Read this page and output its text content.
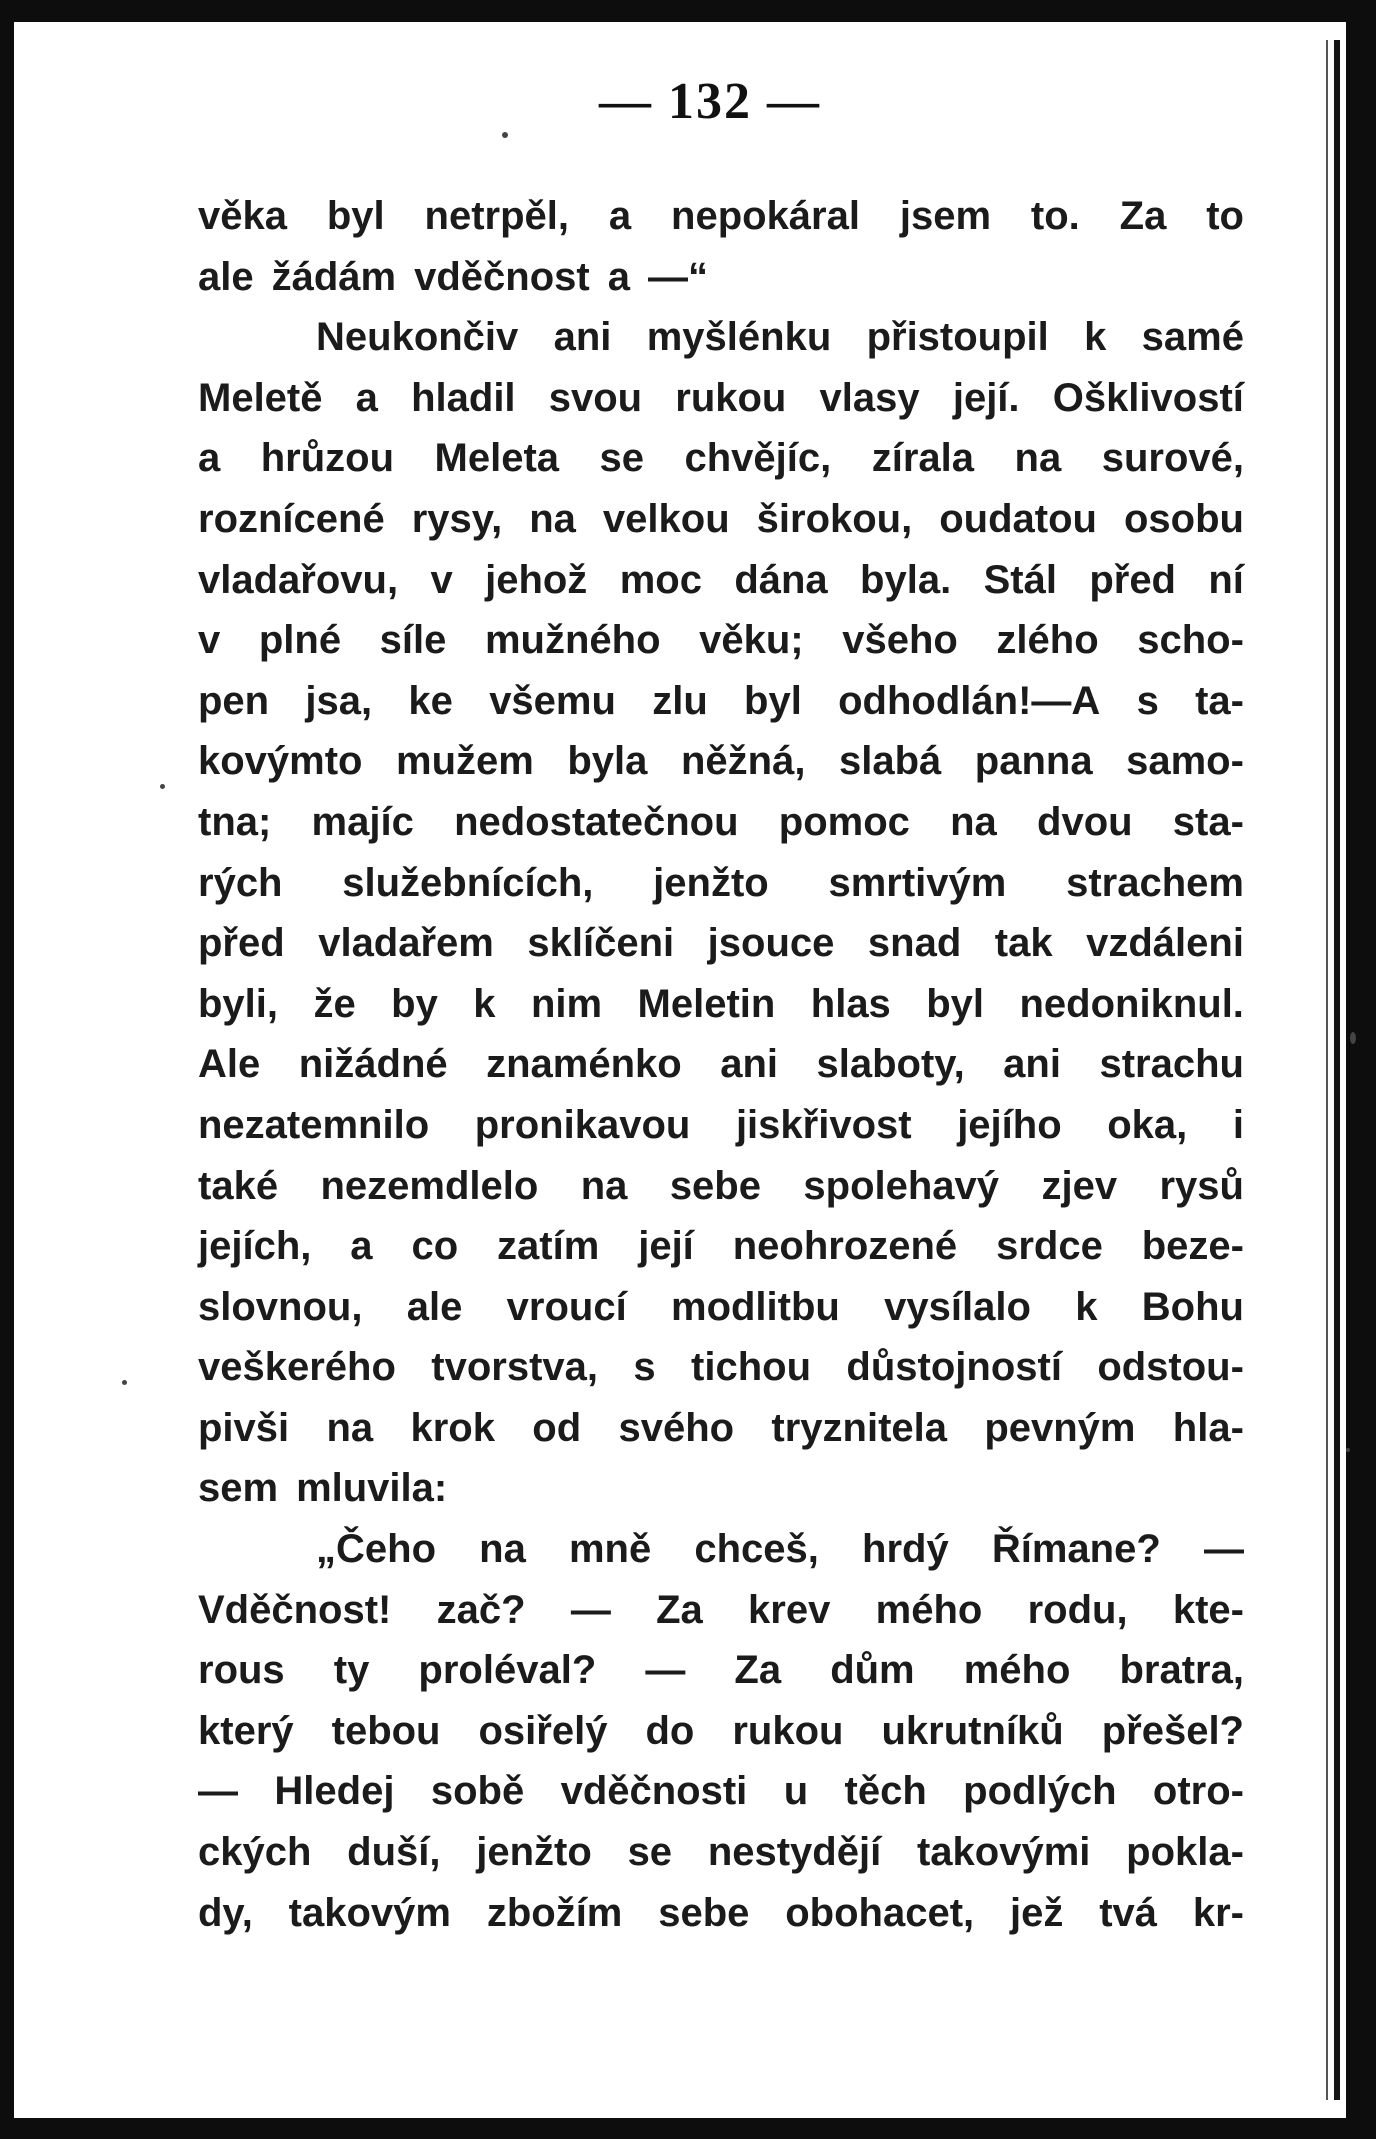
— 132 —
věka byl netrpěl, a nepokáral jsem to. Za to
ale žádám vděčnost a —“
Neukončiv ani myšlénku přistoupil k samé
Meletě a hladil svou rukou vlasy její. Ošklivostí
a hrůzou Meleta se chvějíc, zírala na surové,
roznícené rysy, na velkou širokou, oudatou osobu
vladařovu, v jehož moc dána byla. Stál před ní
v plné síle mužného věku; všeho zlého scho-
pen jsa, ke všemu zlu byl odhodlán!—A s ta-
kovýmto mužem byla něžná, slabá panna samo-
tna; majíc nedostatečnou pomoc na dvou sta-
rých služebnících, jenžto smrtivým strachem
před vladařem sklíčeni jsouce snad tak vzdáleni
byli, že by k nim Meletin hlas byl nedoniknul.
Ale nižádné znaménko ani slaboty, ani strachu
nezatemnilo pronikavou jiskřivost jejího oka, i
také nezemdlelo na sebe spolehavý zjev rysů
jejích, a co zatím její neohrozené srdce beze-
slovnou, ale vroucí modlitbu vysílalo k Bohu
veškerého tvorstva, s tichou důstojností odstou-
pivši na krok od svého tryznitela pevným hla-
sem mluvila:
„Čeho na mně chceš, hrdý Římane? —
Vděčnost! zač? — Za krev mého rodu, kte-
rous ty proléval? — Za dům mého bratra,
který tebou osiřelý do rukou ukrutníků přešel?
— Hledej sobě vděčnosti u těch podlých otro-
ckých duší, jenžto se nestydějí takovými pokla-
dy, takovým zbožím sebe obohacet, jež tvá kr-
